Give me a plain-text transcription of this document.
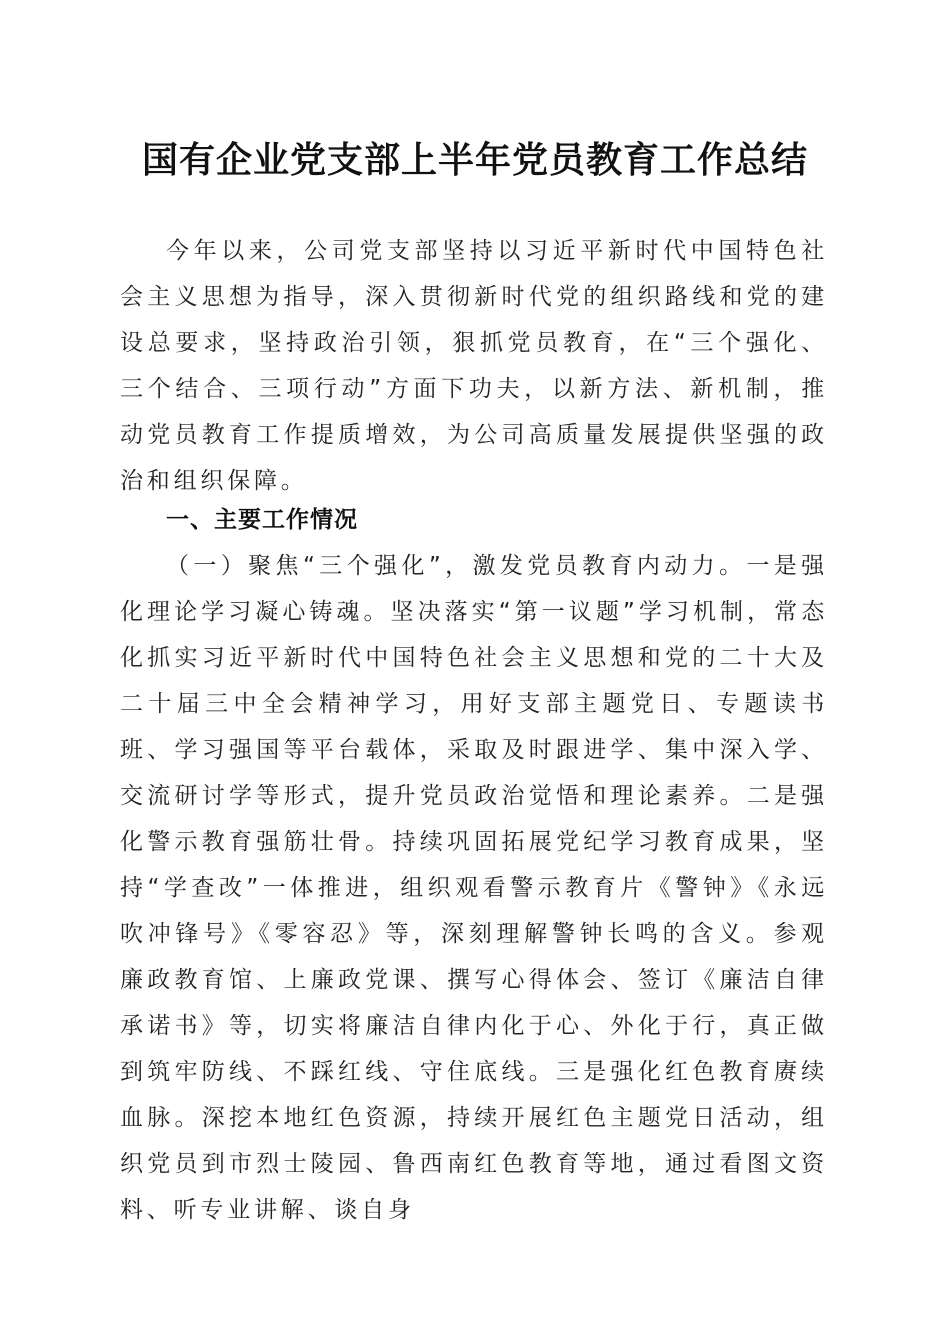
国有企业党支部上半年党员教育工作总结

今年以来，公司党支部坚持以习近平新时代中国特色社会主义思想为指导，深入贯彻新时代党的组织路线和党的建设总要求，坚持政治引领，狠抓党员教育，在“三个强化、三个结合、三项行动”方面下功夫，以新方法、新机制，推动党员教育工作提质增效，为公司高质量发展提供坚强的政治和组织保障。

一、主要工作情况

（一）聚焦“三个强化”，激发党员教育内动力。一是强化理论学习凝心铸魂。坚决落实“第一议题”学习机制，常态化抓实习近平新时代中国特色社会主义思想和党的二十大及二十届三中全会精神学习，用好支部主题党日、专题读书班、学习强国等平台载体，采取及时跟进学、集中深入学、交流研讨学等形式，提升党员政治觉悟和理论素养。二是强化警示教育强筋壮骨。持续巩固拓展党纪学习教育成果，坚持“学查改”一体推进，组织观看警示教育片《警钟》《永远吹冲锋号》《零容忍》等，深刻理解警钟长鸣的含义。参观廉政教育馆、上廉政党课、撰写心得体会、签订《廉洁自律承诺书》等，切实将廉洁自律内化于心、外化于行，真正做到筑牢防线、不踩红线、守住底线。三是强化红色教育赓续血脉。深挖本地红色资源，持续开展红色主题党日活动，组织党员到市烈士陵园、鲁西南红色教育等地，通过看图文资料、听专业讲解、谈自身
